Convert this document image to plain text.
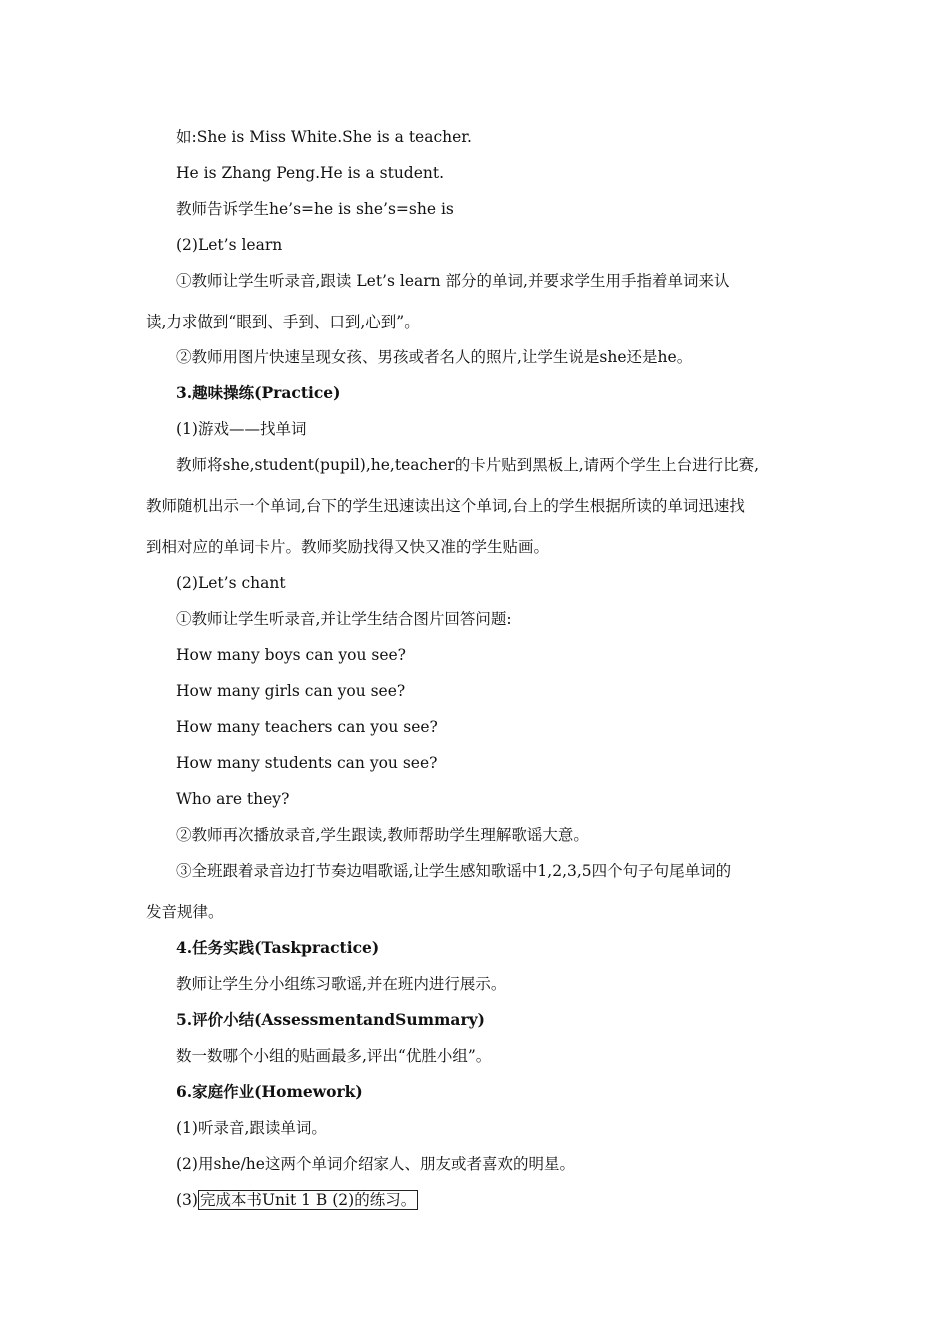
如:She is Miss White.She is a teacher.
He is Zhang Peng.He is a student.
教师告诉学生he’s=he is she’s=she is
(2)Let’s learn
①教师让学生听录音,跟读 Let’s learn 部分的单词,并要求学生用手指着单词来认
读,力求做到“眼到、手到、口到,心到”。
②教师用图片快速呈现女孩、男孩或者名人的照片,让学生说是she还是he。
3.趣味操练(Practice)
(1)游戏——找单词
教师将she,student(pupil),he,teacher的卡片贴到黑板上,请两个学生上台进行比赛,
教师随机出示一个单词,台下的学生迅速读出这个单词,台上的学生根据所读的单词迅速找
到相对应的单词卡片。教师奖励找得又快又准的学生贴画。
(2)Let’s chant
①教师让学生听录音,并让学生结合图片回答问题:
How many boys can you see?
How many girls can you see?
How many teachers can you see?
How many students can you see?
Who are they?
②教师再次播放录音,学生跟读,教师帮助学生理解歌谣大意。
③全班跟着录音边打节奏边唱歌谣,让学生感知歌谣中1,2,3,5四个句子句尾单词的
发音规律。
4.任务实践(Taskpractice)
教师让学生分小组练习歌谣,并在班内进行展示。
5.评价小结(AssessmentandSummary)
数一数哪个小组的贴画最多,评出“优胜小组”。
6.家庭作业(Homework)
(1)听录音,跟读单词。
(2)用she/he这两个单词介绍家人、朋友或者喜欢的明星。
(3) 完成本书Unit 1 B (2)的练习。
